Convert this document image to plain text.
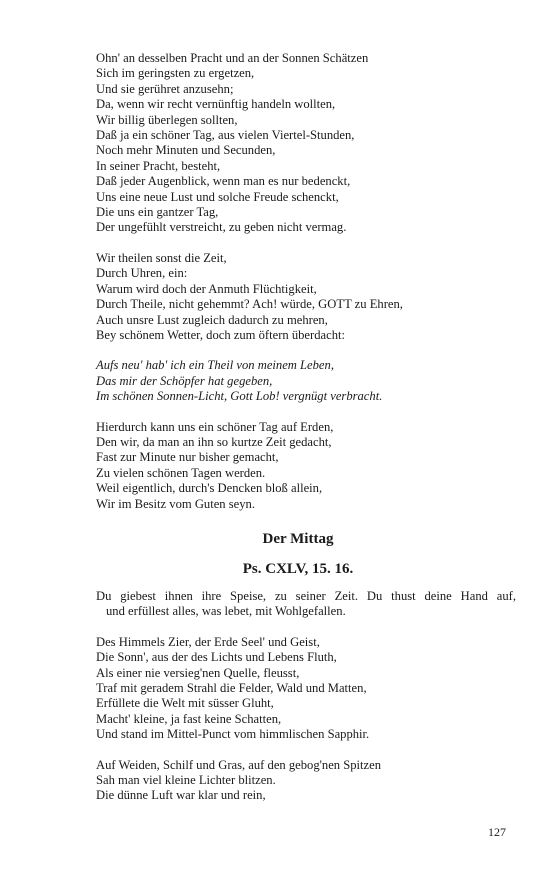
Ohn' an desselben Pracht und an der Sonnen Schätzen
Sich im geringsten zu ergetzen,
Und sie gerühret anzusehn;
Da, wenn wir recht vernünftig handeln wollten,
Wir billig überlegen sollten,
Daß ja ein schöner Tag, aus vielen Viertel-Stunden,
Noch mehr Minuten und Secunden,
In seiner Pracht, besteht,
Daß jeder Augenblick, wenn man es nur bedenckt,
Uns eine neue Lust und solche Freude schenckt,
Die uns ein gantzer Tag,
Der ungefühlt verstreicht, zu geben nicht vermag.
Wir theilen sonst die Zeit,
Durch Uhren, ein:
Warum wird doch der Anmuth Flüchtigkeit,
Durch Theile, nicht gehemmt? Ach! würde, GOTT zu Ehren,
Auch unsre Lust zugleich dadurch zu mehren,
Bey schönem Wetter, doch zum öftern überdacht:
Aufs neu' hab' ich ein Theil von meinem Leben,
Das mir der Schöpfer hat gegeben,
Im schönen Sonnen-Licht, Gott Lob! vergnügt verbracht.
Hierdurch kann uns ein schöner Tag auf Erden,
Den wir, da man an ihn so kurtze Zeit gedacht,
Fast zur Minute nur bisher gemacht,
Zu vielen schönen Tagen werden.
Weil eigentlich, durch's Dencken bloß allein,
Wir im Besitz vom Guten seyn.
Der Mittag
Ps. CXLV, 15. 16.
Du giebest ihnen ihre Speise, zu seiner Zeit. Du thust deine Hand auf,
und erfüllest alles, was lebet, mit Wohlgefallen.
Des Himmels Zier, der Erde Seel' und Geist,
Die Sonn', aus der des Lichts und Lebens Fluth,
Als einer nie versieg'nen Quelle, fleusst,
Traf mit geradem Strahl die Felder, Wald und Matten,
Erfüllete die Welt mit süsser Gluht,
Macht' kleine, ja fast keine Schatten,
Und stand im Mittel-Punct vom himmlischen Sapphir.
Auf Weiden, Schilf und Gras, auf den gebog'nen Spitzen
Sah man viel kleine Lichter blitzen.
Die dünne Luft war klar und rein,
127
